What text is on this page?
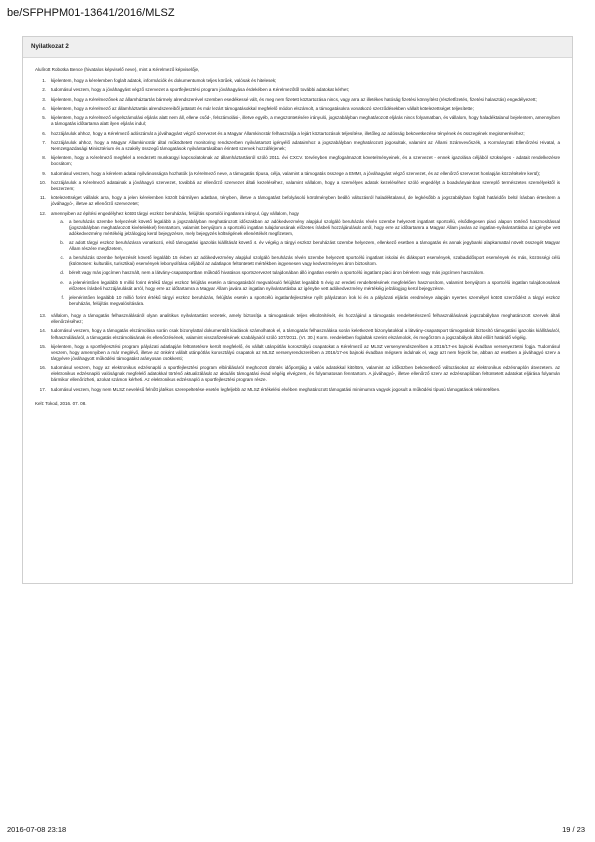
be/SFPHPM01-13641/2016/MLSZ
Nyilatkozat 2

Alulírott Robotka Bence (hivatalos képviselő neve), mint a Kérelmező képviselője,

1.	kijelentem, hogy a kérelemben foglalt adatok, információk és dokumentumok teljes körűek, valósak és hitelesek;
2.	tudomásul veszem, hogy a jóváhagyást végző szervezet a sportfejlesztési program jóváhagyása érdekében a Kérelmezőtől további adatokat kérhet;
3.	kijelentem, hogy a Kérelmezőnek az államháztartás bármely alrendszerével szemben esedékessé vált, és meg nem fizetett köztartozása nincs, vagy arra az illetékes hatóság fizetési könnyítést (részletfizetés, fizetési halasztás) engedélyezett;
4.	kijelentem, hogy a Kérelmező az államháztartás alrendszereiből juttatott és már lezárt támogatásokkal megfelelő módon elszámolt, a támogatásokra vonatkozó szerződésekben vállalt kötelezettséget teljesítette;
5.	kijelentem, hogy a Kérelmező végelszámolási eljárás alatt nem áll, ellene csőd-, felszámolási-, illetve egyéb, a megszüntetésére irányuló, jogszabályban meghatározott eljárás nincs folyamatban, és vállalom, hogy haladéktalanul bejelentem, amennyiben a támogatás időtartama alatt ilyen eljárás indul;
6.	hozzájárulok ahhoz, hogy a Kérelmező adószámát a jóváhagyást végző szervezet és a Magyar Államkincstár felhasználja a lejárt köztartozások teljesítése, illetőleg az adósság bekövetkezése tényének és összegének megismeréséhez;
7.	hozzájárulok ahhoz, hogy a Magyar Államkincstár által működtetett monitoring rendszerben nyilvántartott igényélő adataimhoz a jogszabályban meghatározott jogosultak, valamint az Állami Számvevőszék, a Kormányzati Ellenőrzési Hivatal, a Nemzetgazdasági Minisztérium és a szakély összegű támogatások nyilvántartásában érintett szervek hozzáférjenek;
8.	kijelentem, hogy a Kérelmező megfelel a rendezett munkaügyi kapcsolatoknak az államháztartásról szóló 2011. évi CXCV. törvényben megfogalmazott követelményeinek, és a szervezet - ennek igazolása céljából szükséges - adatait rendelkezésre bocsátom;
9.	tudomásul veszem, hogy a kérelem adatai nyilvánosságra hozhatók (a Kérelmező neve, a támogatás típusa, célja, valamint a támogatás összege a EMMI, a jóváhagyást végző szervezet, és az ellenőrző szervezet honlapján közzétételre kerül);
10.	hozzájárulok a Kérelmező adatainak a jóváhagyó szervezet, továbbá az ellenőrző szervezet általi kezeléséhez, valamint vállalom, hogy a személyes adatok kezeléséhez szóló engedélyt a boadványainban szereplő természetes személyektől is beszerzem;
11.	kötelezettséget vállalok arra, hogy a jelen kérelemben közölt bármilyen adatban, tényben, illetve a támogatást befolyásoló körülményben beálló változásról haladéktalanul, de legkésőbb a jogszabályban foglalt határidőn belül írásban értesítem a jóváhagyó-, illetve az ellenőrző szervezetet;
12.	amennyiben az építési engedélyhez kötött tárgyi eszköz beruházás, felújítás sportolói ingatlanra irányul, úgy vállalom, hogy
a.	a beruházás üzembe helyezését követő legalább a jogszabályban meghatározott időszakban az adókedvezmény alapjául szolgáló beruházás révén üzembe helyezett ingatlant sportcélú, elsődlegesen piaci alapon történő hasznosítással (jogszabályban meghatározott kivételekkel) fenntartom, valamint benyújtom a sportcélú ingatlan tulajdonosának előzetes írásbeli hozzájárulását arról, hogy erre az időtartamra a Magyar Állam javára az ingatlan-nyilvántartásba az igénybe vett adókedvezmény mértékéig jelzálogjog kerül bejegyzésre, mely bejegyzés költségének ellenértékét megfizetem,
b.	az adott tárgyi eszköz beruházásra vonatkozó, első támogatási igazolás kiállítását követő 4. év végéig a tárgyi eszköz beruházást üzembe helyezem, ellenkező esetben a támogatás és annak jegybanki alapkamattal növelt összegét Magyar Állam részére megfizetem,
c.	a beruházás üzembe helyezését követő legalább 15 évben az adókedvezmény alapjául szolgáló beruházás révén üzembe helyezett sportcélú ingatlant iskolai és diáksport események, szabadidősport események és más, közösségi célú (különösen: kulturális, turisztikai) események lebonyolítása céljából az adatlapon feltüntetett mértékben ingyenesen vagy kedvezményes áron biztosítom.
d.	bérelt vagy más jogcímen használt, nem a látvány-csapatsportban működő hivatásos sportszervezet tulajdonában álló ingatlan esetén a sportcélú ingatlant piaci áron bérelem vagy más jogcímen használom.
e.	a jelenérintően legalább 5 millió forint értékű tárgyi eszköz felújítás esetén a támogatásból megvalósuló felújítást legalább 5 évig az eredeti rendeltetésének megfelelően hasznosítom, valamint benyújtom a sportcélú ingatlan tulajdonosának előzetes írásbeli hozzájárulását arról, hogy erre az időtartamra a Magyar Állam javára az ingatlan nyilvántartásba az igénybe vett adókedvezmény mértékéig jelzálogjog kerül bejegyzésre.
f.	jelenérintően legalább 10 millió forint értékű tárgyi eszköz beruházás, felújítás esetén a sportcélú ingatlanfejlesztése nyílt pályázaton írok ki és a pályázati eljárás eredménye alapján nyertes személyel kötött szerződést a tárgyi eszköz beruházás, felújítás megvalósítására.
13.	vállalom, hogy a támogatás felhasználásáról olyan analitikus nyilvántartást vezetek, amely biztosítja a támogatások teljes elkülönítését, és hozzájárul a támogatás rendeltetésszerű felhasználásának jogszabályban meghatározott szervek általi ellenőrzéséhez;
14.	tudomásul veszem, hogy a támogatás elszámolása során csak bizonylattal dokumentált kiadások számolhatok el, a támogatás felhasználása során keletkezett bizonylatokkal a látvány-csapatsport támogatását biztosító támogatási igazolás kiállításáról, felhasználásáról, a támogatás elszámolásának és ellenőrzésének, valamint visszafizetésének szabályairól szóló 107/2011. (VI. 30.) Korm. rendeletben foglaltak szerint elszámolok, és megőrzöm a jogszabályok által előírt határidő végéig.
15.	kijelentem, hogy a sportfejlesztési program pályázati adatlapján feltüntetésre került megfelelő, és vállalt utánpótlás korosztályú csapatokat a Kérelmező az MLSZ versenyrendszerében a 2016/17-es bajnoki évadban versenyeztetni fogja. Tudomásul veszem, hogy amennyiben a már meglévő, illetve az önként vállalt utánpótlás korosztályú csapatok az MLSZ versenyrendszerében a 2016/17-es bajnoki évadban mégsem indulnak el, vagy azt nem fejezik be, abban az esetben a jóváhagyó szerv a tárgyévre jóváhagyott működési támogatást arányosan csökkenti;
16.	tudomásul veszem, hogy az elektronikus edzésnapló a sportfejlesztési program elbírálásáról meghozott döntés időpontjáig a valós adatokkal kitöltöm, valamint az időközben bekövetkező változásokat az elektronikus edzésnaplón átvezetem. az elektronikus edzésnapló valóságnak megfelelő adatokkal történő aktualizálását az aktuális támogatási évad végéig elvégzem, és folyamatosan fenntartom. A jóváhagyó-, illetve ellenőrző szerv az edzésnaplóban feltüntetett adatokat eljárása folyamán bármikor ellenőrizheti, azokat számon kérheti. Az elektronikus edzésnapló a sportfejlesztési program része.
17.	tudomásul veszem, hogy nem MLSZ nevelésű felnőtt játékos szerepeltetése esetén legfeljebb az MLSZ értékelési elvében meghatározott támogatási minimumra vagyok jogosult a működési típusú támogatások tekintetében.

Kelt: Tokod, 2016. 07. 08.

2016-07-08 23:18	19 / 23
